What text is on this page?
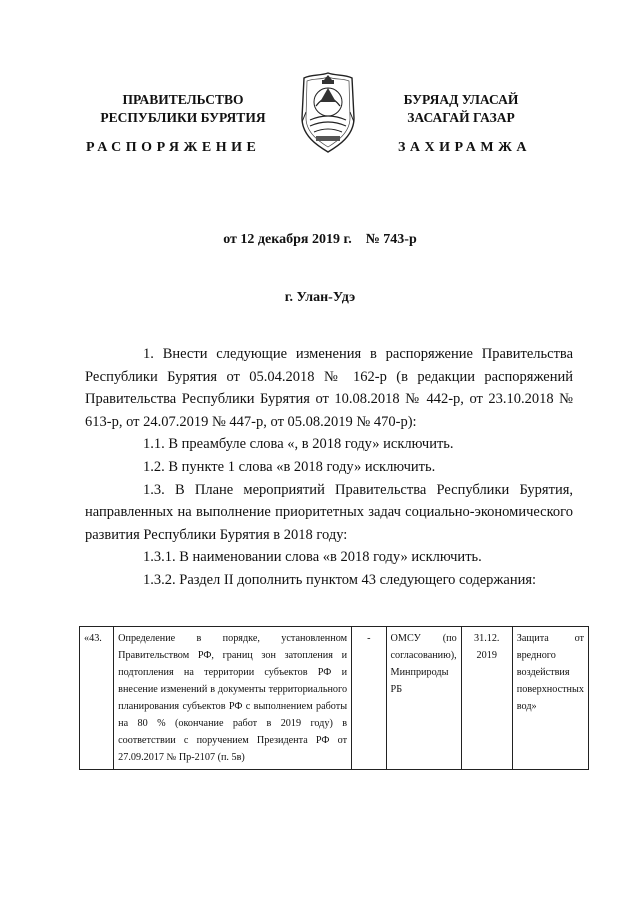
ПРАВИТЕЛЬСТВО
РЕСПУБЛИКИ БУРЯТИЯ
БУРЯАД УЛАСАЙ
ЗАСАГАЙ ГАЗАР
РАСПОРЯЖЕНИЕ	ЗАХИРАМЖА
от 12 декабря 2019 г. № 743-р
г. Улан-Удэ

1. Внести следующие изменения в распоряжение Правительства Республики Бурятия от 05.04.2018 № 162-р (в редакции распоряжений Правительства Республики Бурятия от 10.08.2018 № 442-р, от 23.10.2018 № 613-р, от 24.07.2019 № 447-р, от 05.08.2019 № 470-р):

1.1. В преамбуле слова «, в 2018 году» исключить.

1.2. В пункте 1 слова «в 2018 году» исключить.

1.3. В Плане мероприятий Правительства Республики Бурятия, направленных на выполнение приоритетных задач социально-экономического развития Республики Бурятия в 2018 году:

1.3.1. В наименовании слова «в 2018 году» исключить.

1.3.2. Раздел II дополнить пунктом 43 следующего содержания:

«43.	Определение в порядке, установленном Правительством РФ, границ зон затопления и подтопления на территории субъектов РФ и внесение изменений в документы территориального планирования субъектов РФ с выполнением работы на 80 % (окончание работ в 2019 году) в соответствии с поручением Президента РФ от 27.09.2017 № Пр-2107 (п. 5в)	-	ОМСУ (по согласованию), Минприроды РБ	31.12. 2019	Защита от вредного воздействия поверхностных вод»
